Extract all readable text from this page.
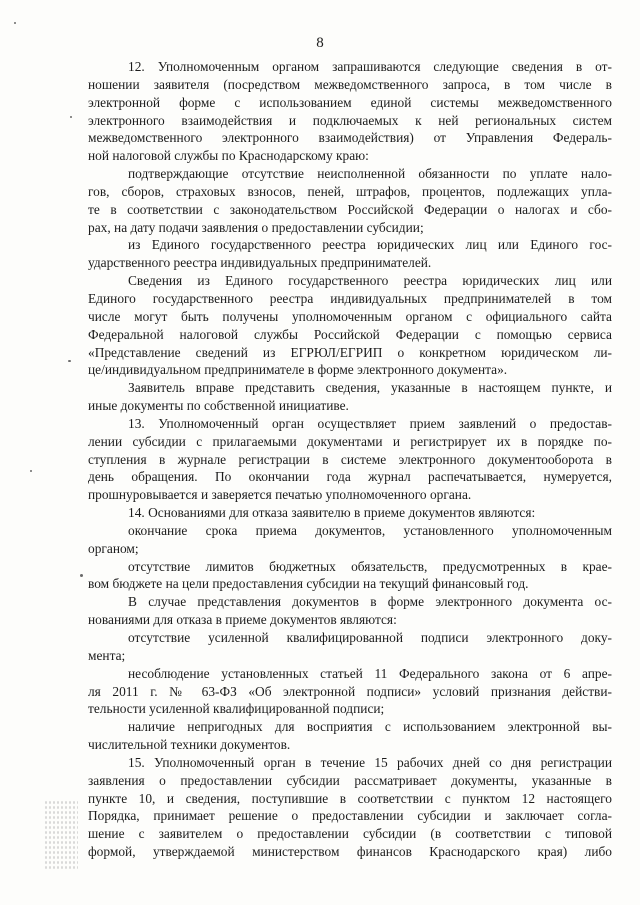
8
12. Уполномоченным органом запрашиваются следующие сведения в от-
ношении заявителя (посредством межведомственного запроса, в том числе в
электронной форме с использованием единой системы межведомственного
электронного взаимодействия и подключаемых к ней региональных систем
межведомственного электронного взаимодействия) от Управления Федераль-
ной налоговой службы по Краснодарскому краю:
подтверждающие отсутствие неисполненной обязанности по уплате нало-
гов, сборов, страховых взносов, пеней, штрафов, процентов, подлежащих упла-
те в соответствии с законодательством Российской Федерации о налогах и сбо-
рах, на дату подачи заявления о предоставлении субсидии;
из Единого государственного реестра юридических лиц или Единого гос-
ударственного реестра индивидуальных предпринимателей.
Сведения из Единого государственного реестра юридических лиц или
Единого государственного реестра индивидуальных предпринимателей в том
числе могут быть получены уполномоченным органом с официального сайта
Федеральной налоговой службы Российской Федерации с помощью сервиса
«Представление сведений из ЕГРЮЛ/ЕГРИП о конкретном юридическом ли-
це/индивидуальном предпринимателе в форме электронного документа».
Заявитель вправе представить сведения, указанные в настоящем пункте, и
иные документы по собственной инициативе.
13. Уполномоченный орган осуществляет прием заявлений о предостав-
лении субсидии с прилагаемыми документами и регистрирует их в порядке по-
ступления в журнале регистрации в системе электронного документооборота в
день обращения. По окончании года журнал распечатывается, нумеруется,
прошнуровывается и заверяется печатью уполномоченного органа.
14. Основаниями для отказа заявителю в приеме документов являются:
окончание срока приема документов, установленного уполномоченным
органом;
отсутствие лимитов бюджетных обязательств, предусмотренных в крае-
вом бюджете на цели предоставления субсидии на текущий финансовый год.
В случае представления документов в форме электронного документа ос-
нованиями для отказа в приеме документов являются:
отсутствие усиленной квалифицированной подписи электронного доку-
мента;
несоблюдение установленных статьей 11 Федерального закона от 6 апре-
ля 2011 г. № 63-ФЗ «Об электронной подписи» условий признания действи-
тельности усиленной квалифицированной подписи;
наличие непригодных для восприятия с использованием электронной вы-
числительной техники документов.
15. Уполномоченный орган в течение 15 рабочих дней со дня регистрации
заявления о предоставлении субсидии рассматривает документы, указанные в
пункте 10, и сведения, поступившие в соответствии с пунктом 12 настоящего
Порядка, принимает решение о предоставлении субсидии и заключает согла-
шение с заявителем о предоставлении субсидии (в соответствии с типовой
формой, утверждаемой министерством финансов Краснодарского края) либо
